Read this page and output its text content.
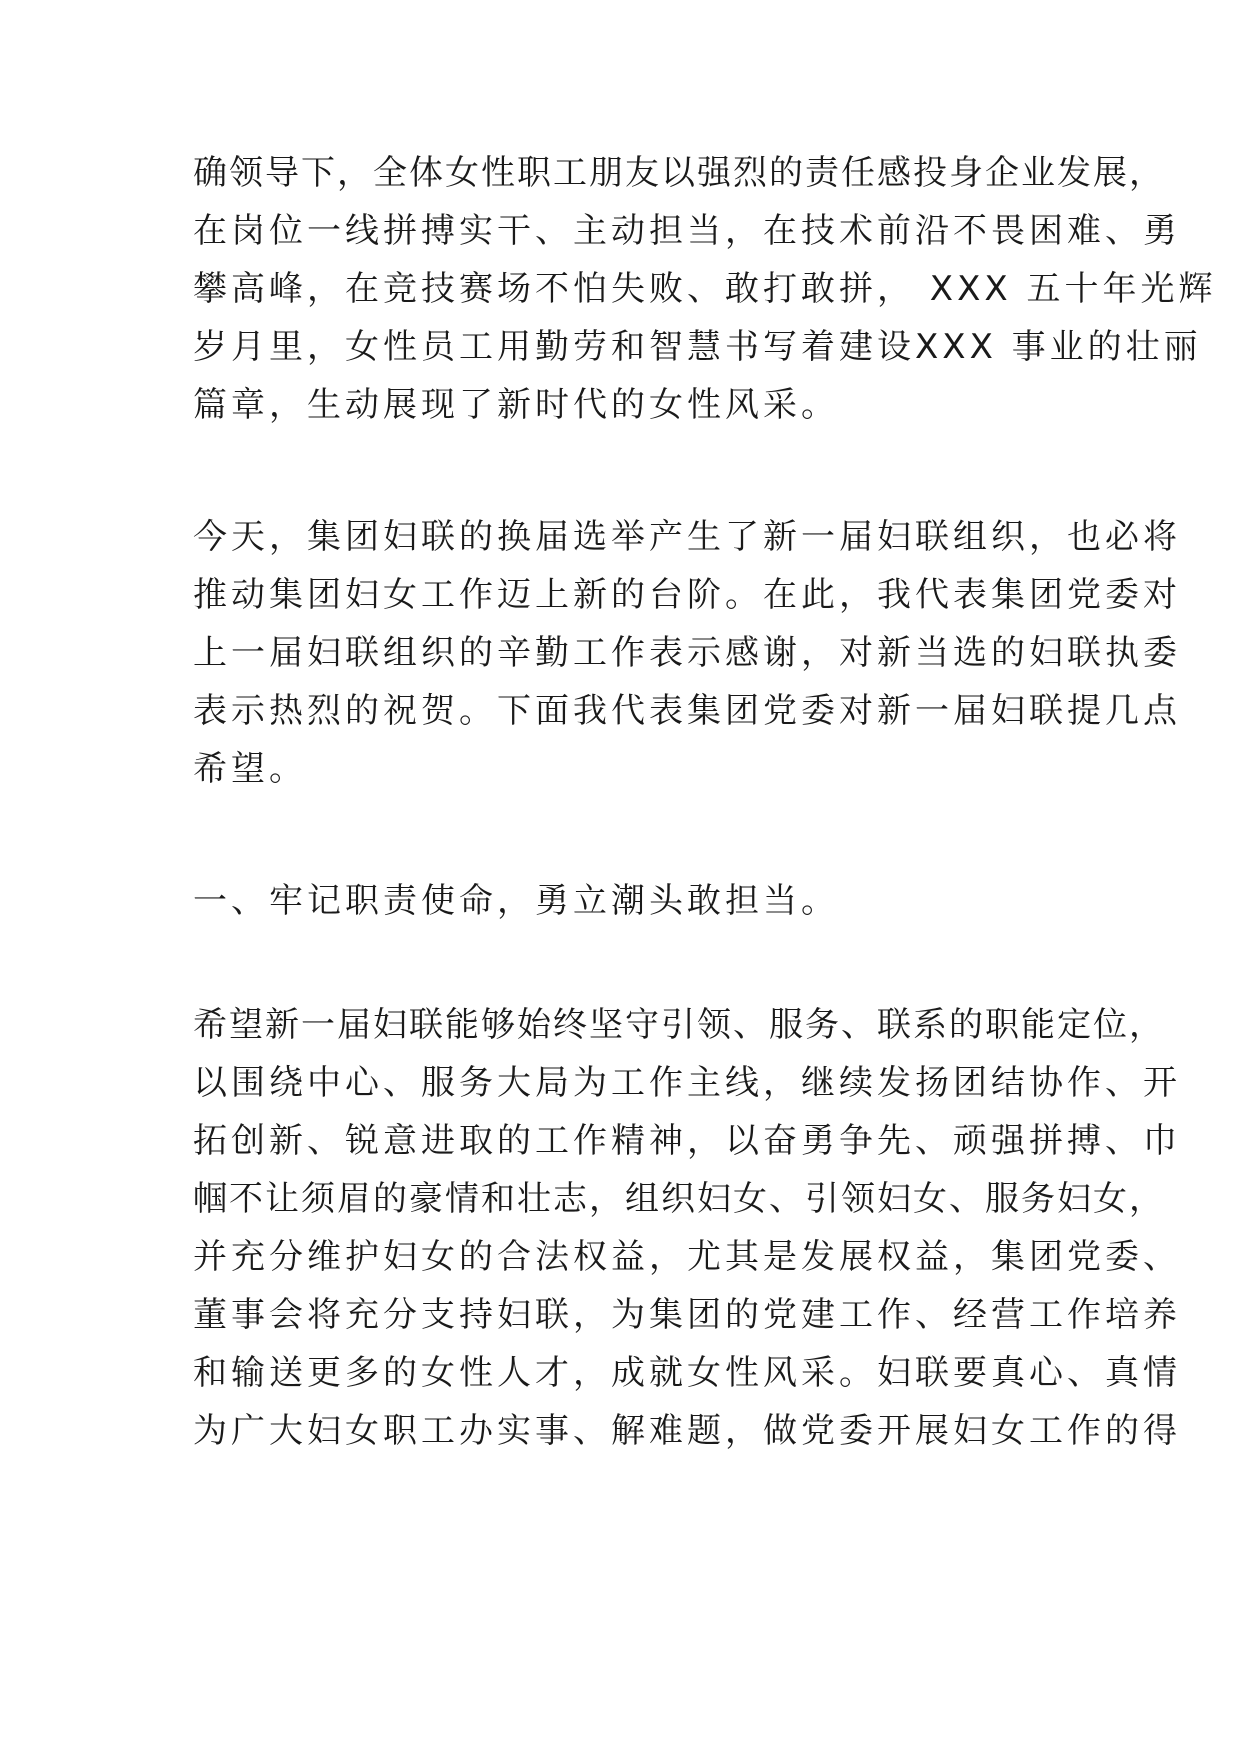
确领导下，全体女性职工朋友以强烈的责任感投身企业发展，
在岗位一线拼搏实干、主动担当，在技术前沿不畏困难、勇
攀高峰，在竞技赛场不怕失败、敢打敢拼， XXX 五十年光辉
岁月里，女性员工用勤劳和智慧书写着建设XXX 事业的壮丽
篇章，生动展现了新时代的女性风采。
今天，集团妇联的换届选举产生了新一届妇联组织，也必将
推动集团妇女工作迈上新的台阶。在此，我代表集团党委对
上一届妇联组织的辛勤工作表示感谢，对新当选的妇联执委
表示热烈的祝贺。下面我代表集团党委对新一届妇联提几点
希望。
一、牢记职责使命，勇立潮头敢担当。
希望新一届妇联能够始终坚守引领、服务、联系的职能定位，
以围绕中心、服务大局为工作主线，继续发扬团结协作、开
拓创新、锐意进取的工作精神，以奋勇争先、顽强拼搏、巾
帼不让须眉的豪情和壮志，组织妇女、引领妇女、服务妇女，
并充分维护妇女的合法权益，尤其是发展权益，集团党委、
董事会将充分支持妇联，为集团的党建工作、经营工作培养
和输送更多的女性人才，成就女性风采。妇联要真心、真情
为广大妇女职工办实事、解难题，做党委开展妇女工作的得
